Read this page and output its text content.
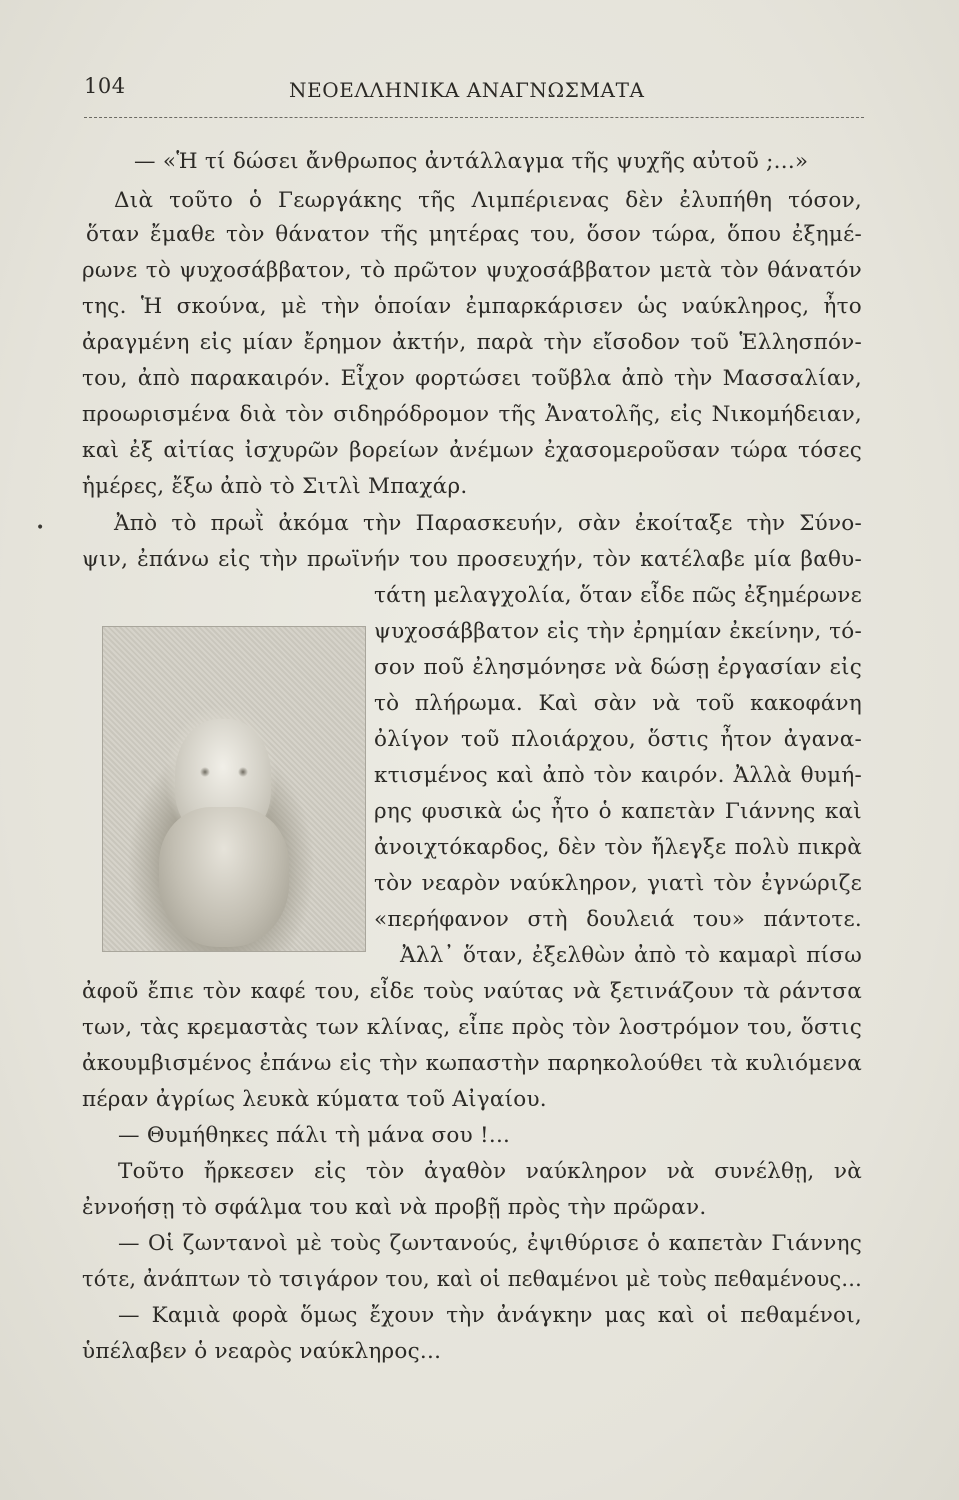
104	ΝΕΟΕΛΛΗΝΙΚΑ ΑΝΑΓΝΩΣΜΑΤΑ
•
— «Ἡ τί δώσει ἄνθρωπος ἀντάλλαγμα τῆς ψυχῆς αὐτοῦ ;...»
Διὰ τοῦτο ὁ Γεωργάκης τῆς Λιμπέριενας δὲν ἐλυπήθη τόσον,
ὅταν ἔμαθε τὸν θάνατον τῆς μητέρας του, ὅσον τώρα, ὅπου ἐξημέ-
ρωνε τὸ ψυχοσάββατον, τὸ πρῶτον ψυχοσάββατον μετὰ τὸν θάνατόν
της. Ἡ σκούνα, μὲ τὴν ὁποίαν ἐμπαρκάρισεν ὡς ναύκληρος, ἦτο
ἀραγμένη εἰς μίαν ἔρημον ἀκτήν, παρὰ τὴν εἴσοδον τοῦ Ἑλλησπόν-
του, ἀπὸ παρακαιρόν. Εἶχον φορτώσει τοῦβλα ἀπὸ τὴν Μασσαλίαν,
προωρισμένα διὰ τὸν σιδηρόδρομον τῆς Ἀνατολῆς, εἰς Νικομήδειαν,
καὶ ἐξ αἰτίας ἰσχυρῶν βορείων ἀνέμων ἐχασομεροῦσαν τώρα τόσες
ἡμέρες, ἔξω ἀπὸ τὸ Σιτλὶ Μπαχάρ.
Ἀπὸ τὸ πρωῒ ἀκόμα τὴν Παρασκευήν, σὰν ἐκοίταξε τὴν Σύνο-
ψιν, ἐπάνω εἰς τὴν πρωϊνήν του προσευχήν, τὸν κατέλαβε μία βαθυ-
τάτη μελαγχολία, ὅταν εἶδε πῶς ἐξημέρωνε
ψυχοσάββατον εἰς τὴν ἐρημίαν ἐκείνην, τό-
σον ποῦ ἐλησμόνησε νὰ δώσῃ ἐργασίαν εἰς
τὸ πλήρωμα. Καὶ σὰν νὰ τοῦ κακοφάνη
ὀλίγον τοῦ πλοιάρχου, ὅστις ἦτον ἀγανα-
κτισμένος καὶ ἀπὸ τὸν καιρόν. Ἀλλὰ θυμή-
ρης φυσικὰ ὡς ἦτο ὁ καπετὰν Γιάννης καὶ
ἀνοιχτόκαρδος, δὲν τὸν ἤλεγξε πολὺ πικρὰ
τὸν νεαρὸν ναύκληρον, γιατὶ τὸν ἐγνώριζε
«περήφανον στὴ δουλειά του» πάντοτε.
Ἀλλ᾽ ὅταν, ἐξελθὼν ἀπὸ τὸ καμαρὶ πίσω
ἀφοῦ ἔπιε τὸν καφέ του, εἶδε τοὺς ναύτας νὰ ξετινάζουν τὰ ράντσα
των, τὰς κρεμαστὰς των κλίνας, εἶπε πρὸς τὸν λοστρόμον του, ὅστις
ἀκουμβισμένος ἐπάνω εἰς τὴν κωπαστὴν παρηκολούθει τὰ κυλιόμενα
πέραν ἀγρίως λευκὰ κύματα τοῦ Αἰγαίου.
— Θυμήθηκες πάλι τὴ μάνα σου !...
Τοῦτο ἤρκεσεν εἰς τὸν ἀγαθὸν ναύκληρον νὰ συνέλθῃ, νὰ
ἐννοήσῃ τὸ σφάλμα του καὶ νὰ προβῇ πρὸς τὴν πρῶραν.
— Οἱ ζωντανοὶ μὲ τοὺς ζωντανούς, ἐψιθύρισε ὁ καπετὰν Γιάννης
τότε, ἀνάπτων τὸ τσιγάρον του, καὶ οἱ πεθαμένοι μὲ τοὺς πεθαμένους...
— Καμιὰ φορὰ ὅμως ἔχουν τὴν ἀνάγκην μας καὶ οἱ πεθαμένοι,
ὑπέλαβεν ὁ νεαρὸς ναύκληρος...
